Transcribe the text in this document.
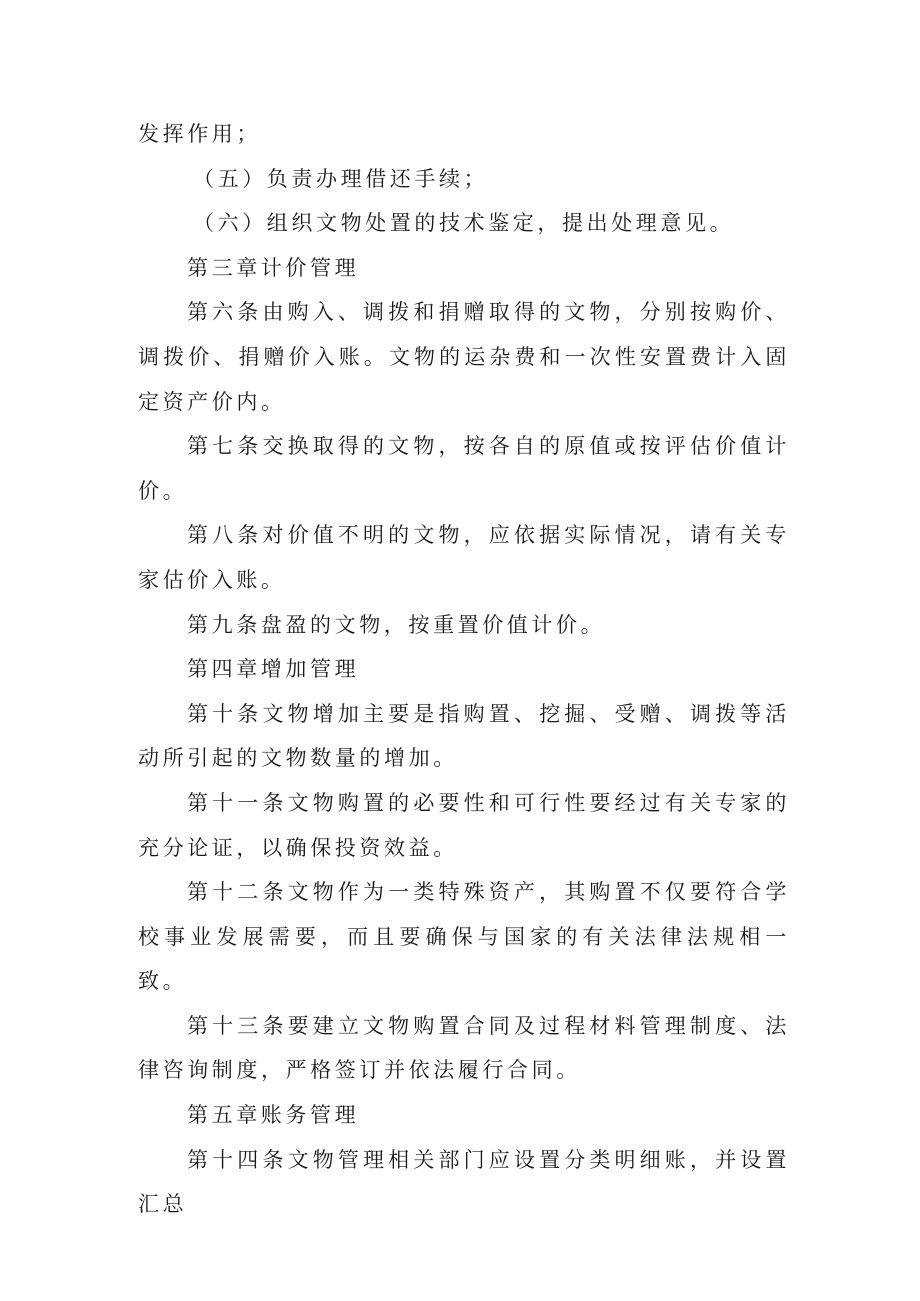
发挥作用；

（五）负责办理借还手续；

（六）组织文物处置的技术鉴定，提出处理意见。

第三章计价管理

第六条由购入、调拨和捐赠取得的文物，分别按购价、调拨价、捐赠价入账。文物的运杂费和一次性安置费计入固定资产价内。

第七条交换取得的文物，按各自的原值或按评估价值计价。

第八条对价值不明的文物，应依据实际情况，请有关专家估价入账。

第九条盘盈的文物，按重置价值计价。

第四章增加管理

第十条文物增加主要是指购置、挖掘、受赠、调拨等活动所引起的文物数量的增加。

第十一条文物购置的必要性和可行性要经过有关专家的充分论证，以确保投资效益。

第十二条文物作为一类特殊资产，其购置不仅要符合学校事业发展需要，而且要确保与国家的有关法律法规相一致。

第十三条要建立文物购置合同及过程材料管理制度、法律咨询制度，严格签订并依法履行合同。

第五章账务管理

第十四条文物管理相关部门应设置分类明细账，并设置汇总
